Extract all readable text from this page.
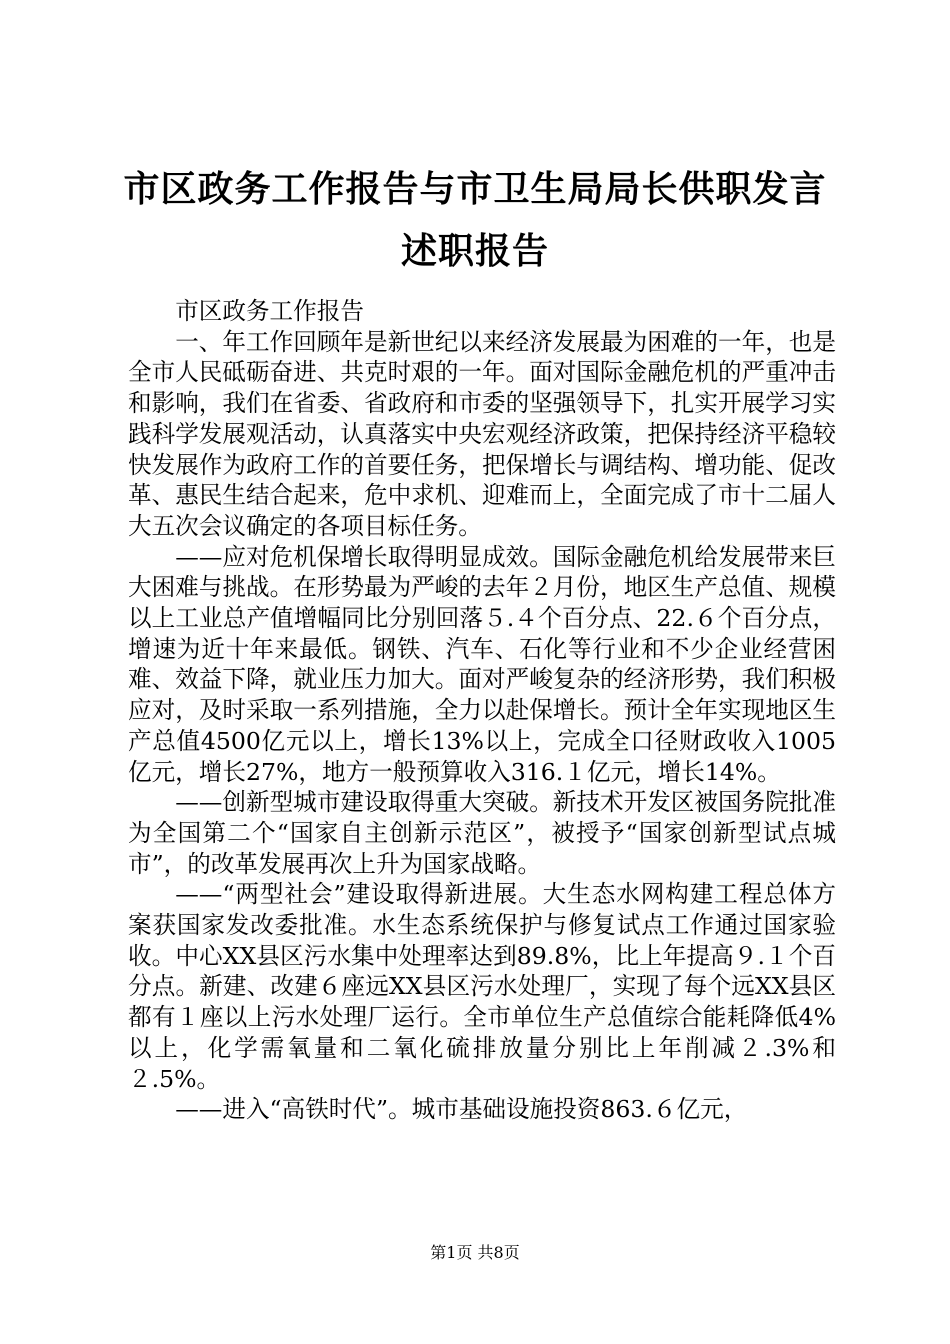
市区政务工作报告与市卫生局局长供职发言述职报告

市区政务工作报告

一、年工作回顾年是新世纪以来经济发展最为困难的一年，也是全市人民砥砺奋进、共克时艰的一年。面对国际金融危机的严重冲击和影响，我们在省委、省政府和市委的坚强领导下，扎实开展学习实践科学发展观活动，认真落实中央宏观经济政策，把保持经济平稳较快发展作为政府工作的首要任务，把保增长与调结构、增功能、促改革、惠民生结合起来，危中求机、迎难而上，全面完成了市十二届人大五次会议确定的各项目标任务。

——应对危机保增长取得明显成效。国际金融危机给发展带来巨大困难与挑战。在形势最为严峻的去年２月份，地区生产总值、规模以上工业总产值增幅同比分别回落５.４个百分点、22.６个百分点，增速为近十年来最低。钢铁、汽车、石化等行业和不少企业经营困难、效益下降，就业压力加大。面对严峻复杂的经济形势，我们积极应对，及时采取一系列措施，全力以赴保增长。预计全年实现地区生产总值4500亿元以上，增长13%以上，完成全口径财政收入1005亿元，增长27%，地方一般预算收入316.１亿元，增长14%。

——创新型城市建设取得重大突破。新技术开发区被国务院批准为全国第二个“国家自主创新示范区”，被授予“国家创新型试点城市”，的改革发展再次上升为国家战略。

——“两型社会”建设取得新进展。大生态水网构建工程总体方案获国家发改委批准。水生态系统保护与修复试点工作通过国家验收。中心XX县区污水集中处理率达到89.8%，比上年提高９.１个百分点。新建、改建６座远XX县区污水处理厂，实现了每个远XX县区都有１座以上污水处理厂运行。全市单位生产总值综合能耗降低4%以上，化学需氧量和二氧化硫排放量分别比上年削减２.3%和２.5%。

——进入“高铁时代”。城市基础设施投资863.６亿元，

第1页 共8页
